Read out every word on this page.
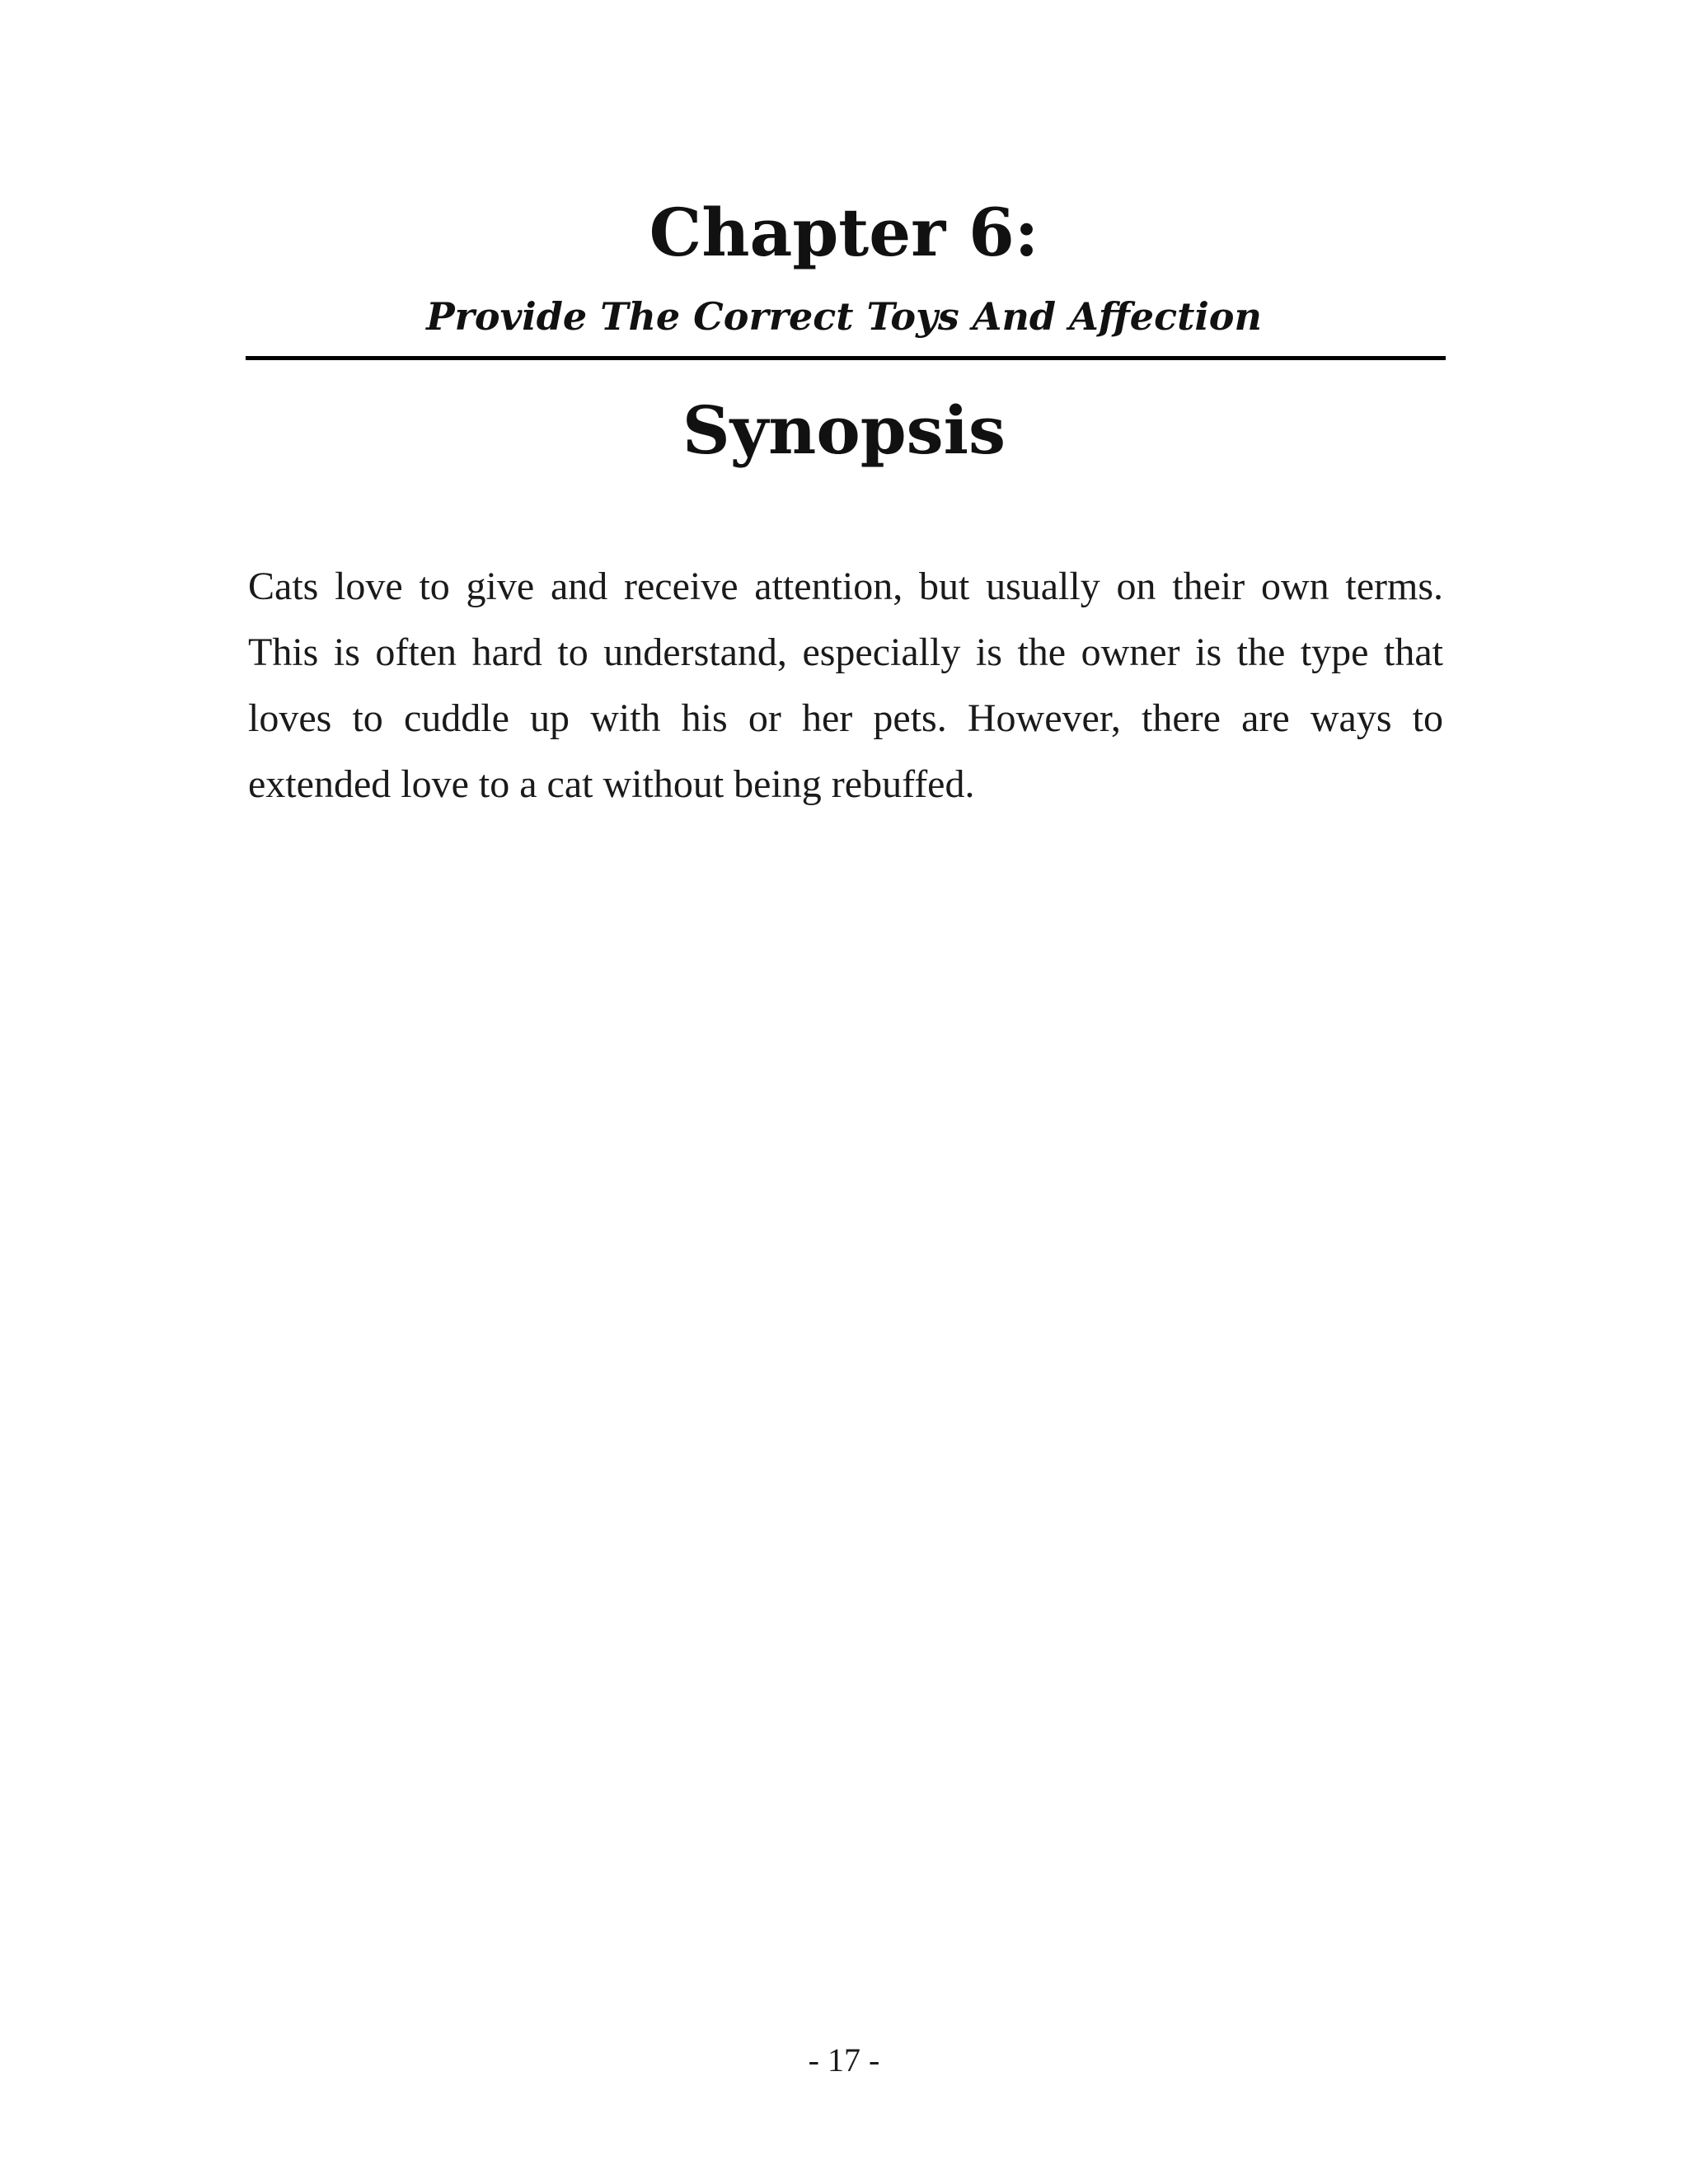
Chapter 6:
Provide The Correct Toys And Affection
Synopsis

Cats love to give and receive attention, but usually on their own terms. This is often hard to understand, especially is the owner is the type that loves to cuddle up with his or her pets. However, there are ways to extended love to a cat without being rebuffed.

- 17 -
